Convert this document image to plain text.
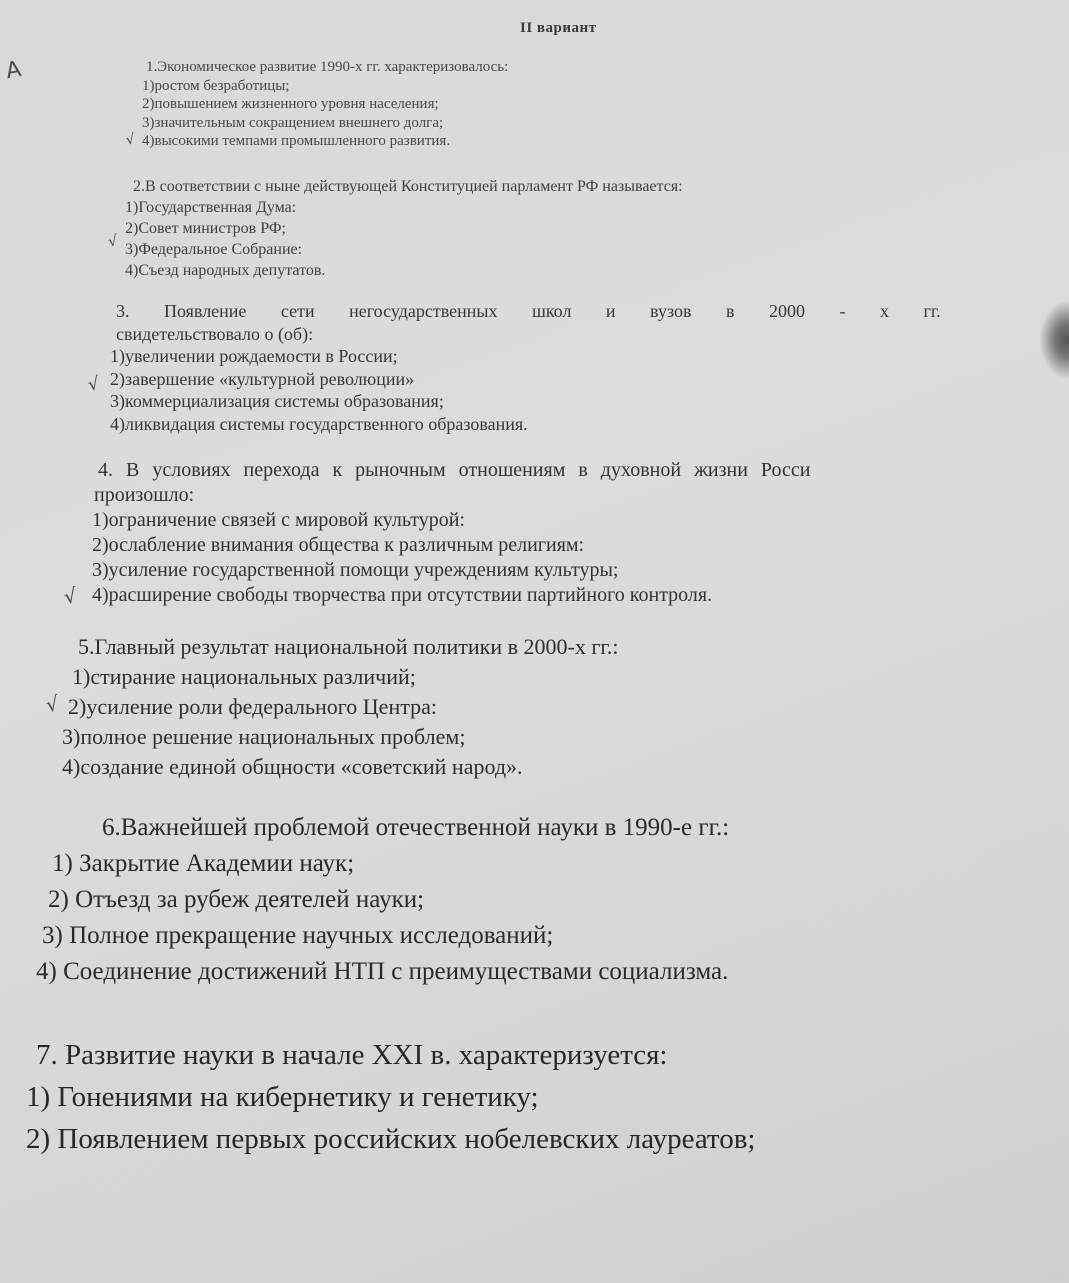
II вариант
А	1.Экономическое развитие 1990-х гг. характеризовалось:
1)ростом безработицы;
2)повышением жизненного уровня населения;
3)значительным сокращением внешнего долга;
4)высокими темпами промышленного развития.
√
2.В соответствии с ныне действующей Конституцией парламент РФ называется:
1)Государственная Дума:
2)Совет министров РФ;
3)Федеральное Собрание:
4)Съезд народных депутатов.
√
3. Появление сети негосударственных школ и вузов в 2000 - х гг.
свидетельствовало о (об):
1)увеличении рождаемости в России;
2)завершение «культурной революции»
3)коммерциализация системы образования;
4)ликвидация системы государственного образования.
√
4. В условиях перехода к рыночным отношениям в духовной жизни Росси
произошло:
1)ограничение связей с мировой культурой:
2)ослабление внимания общества к различным религиям:
3)усиление государственной помощи учреждениям культуры;
4)расширение свободы творчества при отсутствии партийного контроля.
√
5.Главный результат национальной политики в 2000-х гг.:
1)стирание национальных различий;
2)усиление роли федерального Центра:
3)полное решение национальных проблем;
4)создание единой общности «советский народ».
√
6.Важнейшей проблемой отечественной науки в 1990-е гг.:
1) Закрытие Академии наук;
2) Отъезд за рубеж деятелей науки;
3) Полное прекращение научных исследований;
4) Соединение достижений НТП с преимуществами социализма.
7. Развитие науки в начале XXI в. характеризуется:
1) Гонениями на кибернетику и генетику;
2) Появлением первых российских нобелевских лауреатов;
